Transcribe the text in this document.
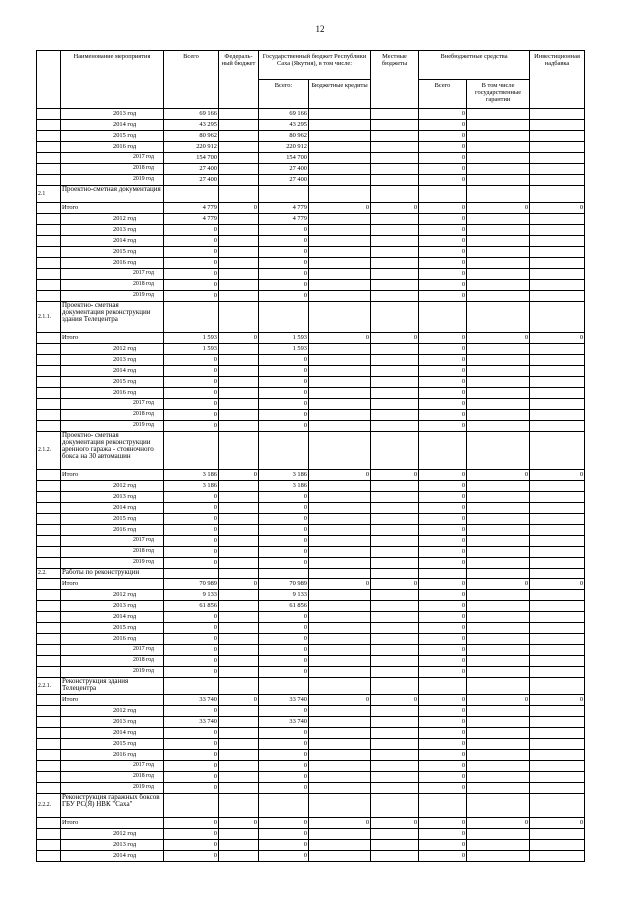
12
	Наименование мероприятия	Всего	Федераль-ный бюджет	Государственный бюджет Республики Саха (Якутия), в том числе:		Местные бюджеты	Внебюджетные средства		Инвестиционная надбавка
				Всего:	Бюджетные кредиты		Всего	В том числе государственные гарантии	
	2013 год	69 166		69 166			0		
	2014 год	43 295		43 295			0		
	2015 год	80 962		80 962			0		
	2016 год	220 912		220 912			0		
	2017 год	154 700		154 700			0		
	2018 год	27 400		27 400			0		
	2019 год	27 400		27 400			0		
2.1	Проектно-сметная документация								
	Итого	4 779	0	4 779	0	0	0	0	0
	2012 год	4 779		4 779			0		
	2013 год	0		0			0		
	2014 год	0		0			0		
	2015 год	0		0			0		
	2016 год	0		0			0		
	2017 год	0		0			0		
	2018 год	0		0			0		
	2019 год	0		0			0		
2.1.1.	Проектно- сметная документация реконструкции здания Телецентра								
	Итого	1 593	0	1 593	0	0	0	0	0
	2012 год	1 593		1 593			0		
	2013 год	0		0			0		
	2014 год	0		0			0		
	2015 год	0		0			0		
	2016 год	0		0			0		
	2017 год	0		0			0		
	2018 год	0		0			0		
	2019 год	0		0			0		
2.1.2.	Проектно- сметная документация реконструкции аренного гаража - стояночного бокса на 30 автомашин								
	Итого	3 186	0	3 186	0	0	0	0	0
	2012 год	3 186		3 186			0		
	2013 год	0		0			0		
	2014 год	0		0			0		
	2015 год	0		0			0		
	2016 год	0		0			0		
	2017 год	0		0			0		
	2018 год	0		0			0		
	2019 год	0		0			0		
2.2.	Работы по реконструкции								
	Итого	70 989	0	70 989	0	0	0	0	0
	2012 год	9 133		9 133			0		
	2013 год	61 856		61 856			0		
	2014 год	0		0			0		
	2015 год	0		0			0		
	2016 год	0		0			0		
	2017 год	0		0			0		
	2018 год	0		0			0		
	2019 год	0		0			0		
2.2.1.	Реконструкция здания Телецентра								
	Итого	33 740	0	33 740	0	0	0	0	0
	2012 год	0		0			0		
	2013 год	33 740		33 740			0		
	2014 год	0		0			0		
	2015 год	0		0			0		
	2016 год	0		0			0		
	2017 год	0		0			0		
	2018 год	0		0			0		
	2019 год	0		0			0		
2.2.2.	Реконструкция гаражных боксов ГБУ РС(Я) НВК "Саха"								
	Итого	0	0	0	0	0	0	0	0
	2012 год	0		0			0		
	2013 год	0		0			0		
	2014 год	0		0			0		
